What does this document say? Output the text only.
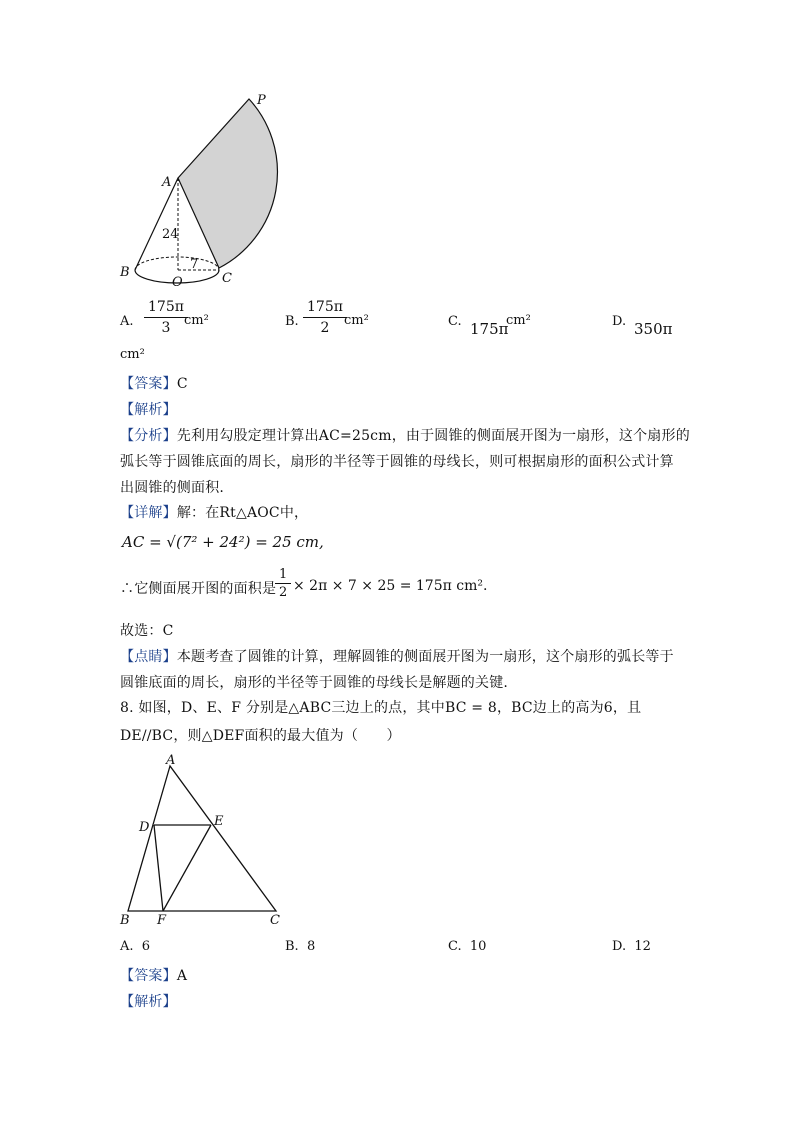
P
A
B	C
O
24
7
A. $\frac{175\pi}{3}$
cm²	B. $\frac{175\pi}{2}$
cm²	C. 175π
cm²	D. 350π
cm²
【答案】C
【解析】
【分析】先利用勾股定理计算出AC=25cm，由于圆锥的侧面展开图为一扇形，这个扇形的
弧长等于圆锥底面的周长，扇形的半径等于圆锥的母线长，则可根据扇形的面积公式计算
出圆锥的侧面积.
【详解】解：在Rt△AOC中，
AC = √(7² + 24²) = 25 cm,
∴它侧面展开图的面积是
$\frac{1}{2} \times 2\pi \times 7 \times 25 = 175\pi$ cm².
故选：C
【点睛】本题考查了圆锥的计算，理解圆锥的侧面展开图为一扇形，这个扇形的弧长等于
圆锥底面的周长，扇形的半径等于圆锥的母线长是解题的关键.
8. 如图，D、E、F 分别是△ABC三边上的点，其中BC = 8，BC边上的高为6，且
DE//BC，则△DEF面积的最大值为（　　）
A
B	C
D	E
F
A. 6	B. 8	C. 10	D. 12
【答案】A
【解析】
